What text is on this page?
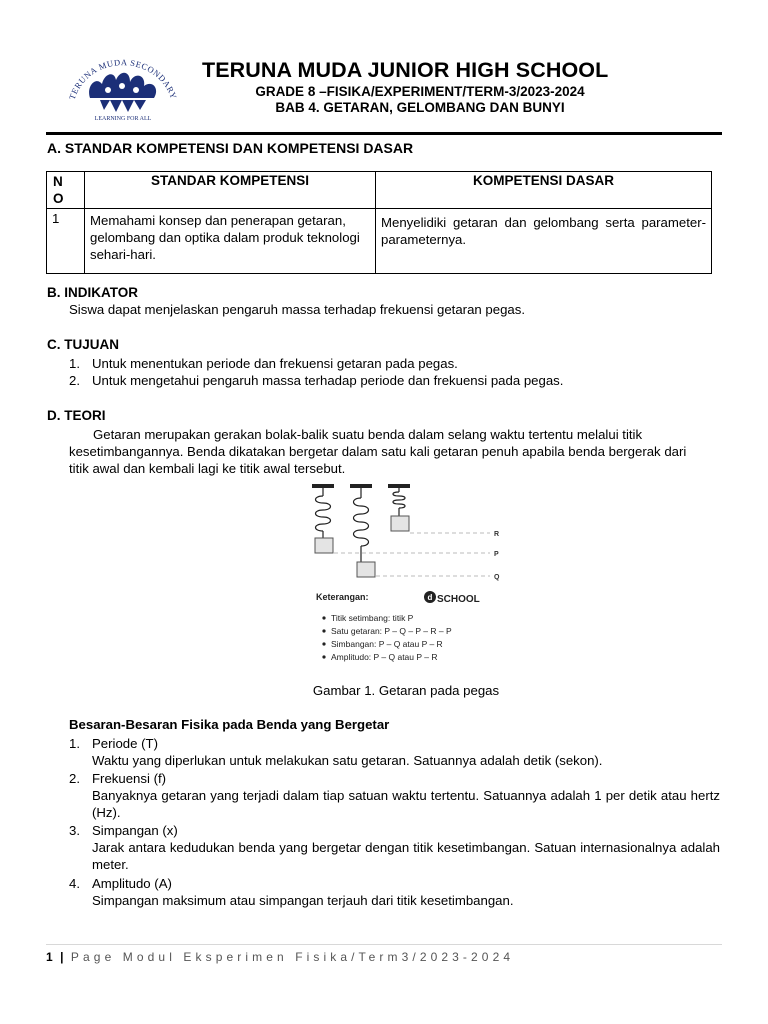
TERUNA MUDA SECONDARY
LEARNING FOR ALL
TERUNA MUDA JUNIOR HIGH SCHOOL
GRADE 8 –FISIKA/EXPERIMENT/TERM-3/2023-2024
BAB 4. GETARAN, GELOMBANG DAN BUNYI
A. STANDAR KOMPETENSI DAN KOMPETENSI DASAR
N
O	STANDAR KOMPETENSI	KOMPETENSI DASAR
1	Memahami konsep dan penerapan getaran, gelombang dan optika dalam produk teknologi sehari-hari.	Menyelidiki getaran dan gelombang serta parameter-parameternya.
B. INDIKATOR
Siswa dapat menjelaskan pengaruh massa terhadap frekuensi getaran pegas.
C. TUJUAN
1. Untuk menentukan periode dan frekuensi getaran pada pegas.
2. Untuk mengetahui pengaruh massa terhadap periode dan frekuensi pada pegas.
D. TEORI
Getaran merupakan gerakan bolak-balik suatu benda dalam selang waktu tertentu melalui titik kesetimbangannya. Benda dikatakan bergetar dalam satu kali getaran penuh apabila benda bergerak dari titik awal dan kembali lagi ke titik awal tersebut.
R
P
Q
Keterangan:	d SCHOOL
Titik setimbang: titik P
Satu getaran: P – Q – P – R – P
Simbangan: P – Q atau P – R
Amplitudo: P – Q atau P – R
Gambar 1. Getaran pada pegas
Besaran-Besaran Fisika pada Benda yang Bergetar
1. Periode (T)
Waktu yang diperlukan untuk melakukan satu getaran. Satuannya adalah detik (sekon).
2. Frekuensi (f)
Banyaknya getaran yang terjadi dalam tiap satuan waktu tertentu. Satuannya adalah 1 per detik atau hertz (Hz).
3. Simpangan (x)
Jarak antara kedudukan benda yang bergetar dengan titik kesetimbangan. Satuan internasionalnya adalah meter.
4. Amplitudo (A)
Simpangan maksimum atau simpangan terjauh dari titik kesetimbangan.
1 | Page Modul Eksperimen Fisika/Term3/2023-2024
